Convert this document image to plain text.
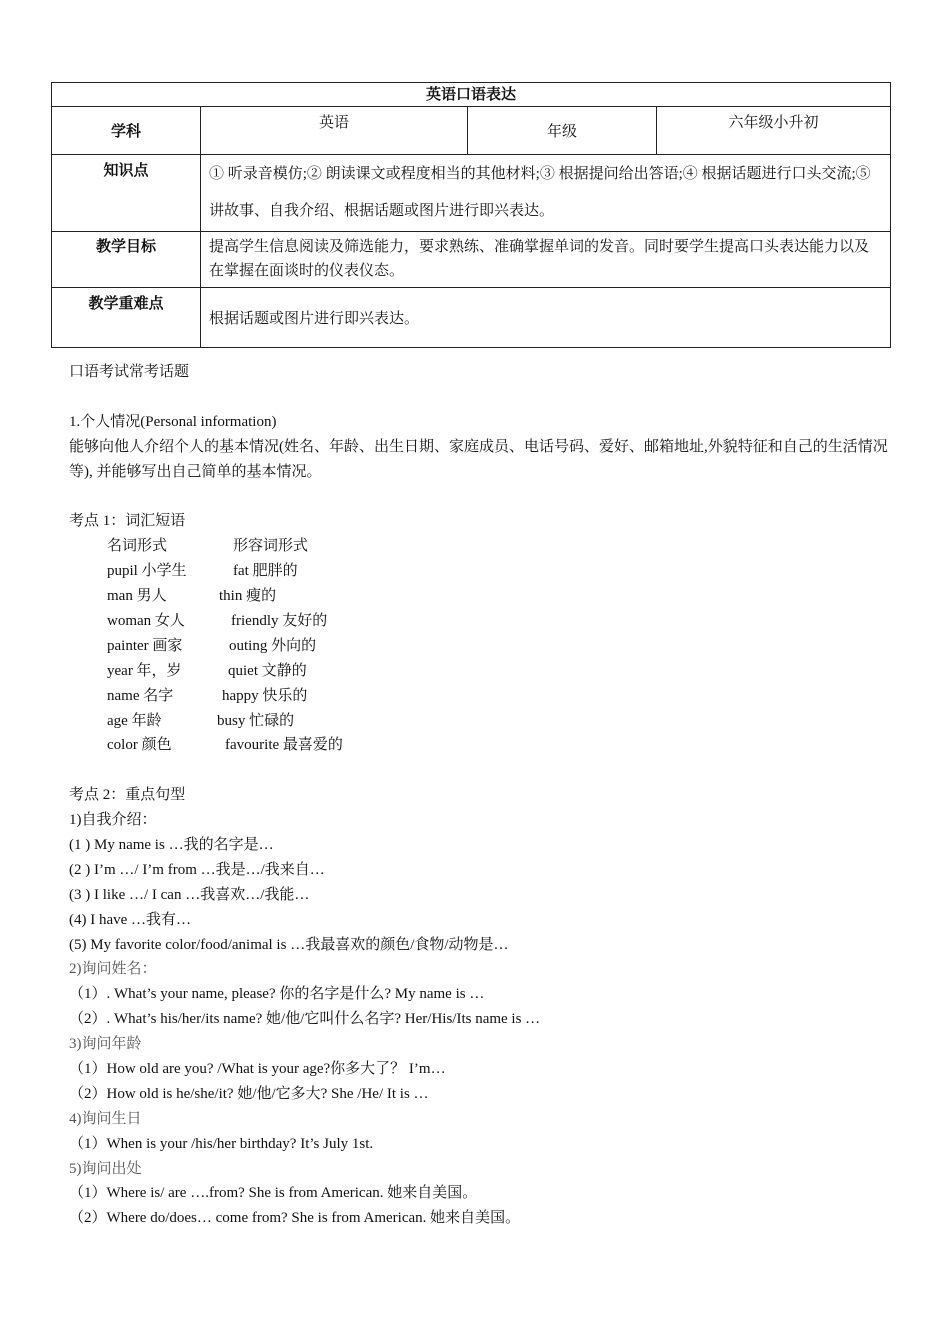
英语口语表达			
学科	英语	年级	六年级小升初
知识点	① 听录音模仿;② 朗读课文或程度相当的其他材料;③ 根据提问给出答语;④ 根据话题进行口头交流;⑤ 讲故事、自我介绍、根据话题或图片进行即兴表达。		
教学目标	提高学生信息阅读及筛选能力，要求熟练、准确掌握单词的发音。同时要学生提高口头表达能力以及在掌握在面谈时的仪表仪态。		
教学重难点	根据话题或图片进行即兴表达。		
口语考试常考话题
1.个人情况(Personal information)
能够向他人介绍个人的基本情况(姓名、年龄、出生日期、家庭成员、电话号码、爱好、邮箱地址,外貌特征和自己的生活情况等), 并能够写出自己简单的基本情况。
考点 1：词汇短语
名词形式	形容词形式
pupil 小学生	fat 肥胖的
man 男人	thin 瘦的
woman 女人	friendly 友好的
painter 画家	outing 外向的
year 年，岁	quiet 文静的
name 名字	happy 快乐的
age 年龄	busy 忙碌的
color 颜色	favourite 最喜爱的
考点 2：重点句型
1)自我介绍：
(1 ) My name is …我的名字是…
(2 ) I’m …/ I’m from …我是…/我来自…
(3 ) I like …/ I can …我喜欢…/我能…
(4) I have …我有…
(5) My favorite color/food/animal is …我最喜欢的颜色/食物/动物是…
2)询问姓名：
（1）. What’s your name, please? 你的名字是什么? My name is …
（2）. What’s his/her/its name? 她/他/它叫什么名字? Her/His/Its name is …
3)询问年龄
（1）How old are you? /What is your age?你多大了？ I’m…
（2）How old is he/she/it? 她/他/它多大? She /He/ It is …
4)询问生日
（1）When is your /his/her birthday? It’s July 1st.
5)询问出处
（1）Where is/ are ….from? She is from American. 她来自美国。
（2）Where do/does… come from? She is from American. 她来自美国。
